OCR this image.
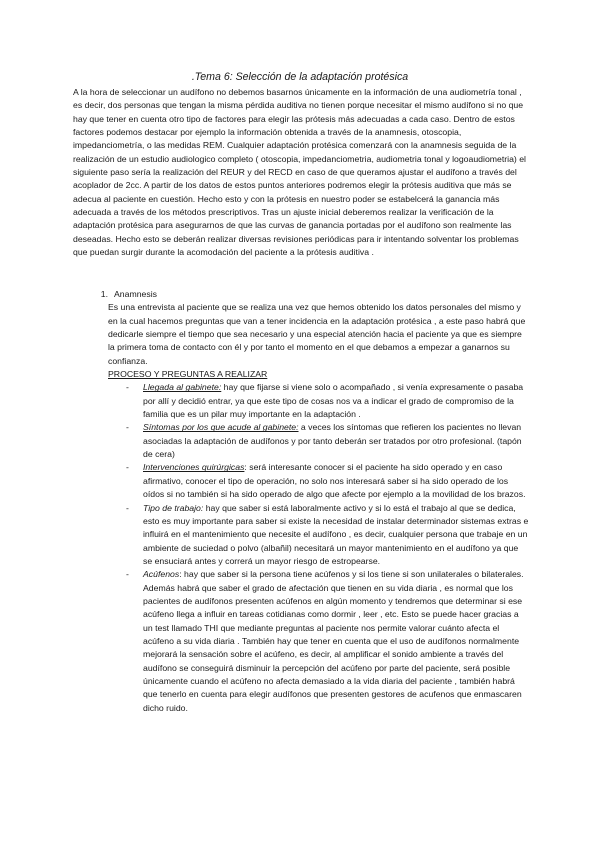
.Tema 6: Selección de la adaptación protésica

A la hora de seleccionar un audífono no debemos basarnos únicamente en la información de una audiometría tonal , es decir, dos personas que tengan la misma pérdida auditiva no tienen porque necesitar el mismo audífono si no que hay que tener en cuenta otro tipo de factores para elegir las prótesis más adecuadas a cada caso. Dentro de estos factores podemos destacar por ejemplo la información obtenida a través de la anamnesis, otoscopia, impedanciometría, o las medidas REM. Cualquier adaptación protésica comenzará con la anamnesis seguida de la realización de un estudio audiologico completo ( otoscopia, impedanciometria, audiometria tonal y logoaudiometria) el siguiente paso sería la realización del REUR y del RECD en caso de que queramos ajustar el audífono a través del acoplador de 2cc. A partir de los datos de estos puntos anteriores podremos elegir la prótesis auditiva que más se adecua al paciente en cuestión. Hecho esto y con la prótesis en nuestro poder se estabelcerá la ganancia más adecuada a través de los métodos prescriptivos. Tras un ajuste inicial deberemos realizar la verificación de la adaptación protésica para asegurarnos de que las curvas de ganancia portadas por el audífono son realmente las deseadas. Hecho esto se deberán realizar diversas revisiones periódicas para ir intentando solventar los problemas que puedan surgir durante la acomodación del paciente a la prótesis auditiva .

1. Anamnesis

Es una entrevista al paciente que se realiza una vez que hemos obtenido los datos personales del mismo y en la cual hacemos preguntas que van a tener incidencia en la adaptación protésica , a este paso habrá que dedicarle siempre el tiempo que sea necesario y una especial atención hacia el paciente ya que es siempre la primera toma de contacto con él y por tanto el momento en el que debamos a empezar a ganarnos su confianza.

PROCESO Y PREGUNTAS A REALIZAR

- Llegada al gabinete: hay que fijarse si viene solo o acompañado , si venía expresamente o pasaba por allí y decidió entrar, ya que este tipo de cosas nos va a indicar el grado de compromiso de la familia que es un pilar muy importante en la adaptación .
- Síntomas por los que acude al gabinete: a veces los síntomas que refieren los pacientes no llevan asociadas la adaptación de audífonos y por tanto deberán ser tratados por otro profesional. (tapón de cera)
- Intervenciones quirúrgicas: será interesante conocer si el paciente ha sido operado y en caso afirmativo, conocer el tipo de operación, no solo nos interesará saber si ha sido operado de los oídos si no también si ha sido operado de algo que afecte por ejemplo a la movilidad de los brazos.
- Tipo de trabajo: hay que saber si está laboralmente activo y si lo está el trabajo al que se dedica, esto es muy importante para saber si existe la necesidad de instalar determinador sistemas extras e influirá en el mantenimiento que necesite el audífono , es decir, cualquier persona que trabaje en un ambiente de suciedad o polvo (albañil) necesitará un mayor mantenimiento en el audífono ya que se ensuciará antes y correrá un mayor riesgo de estropearse.
- Acúfenos: hay que saber si la persona tiene acúfenos y si los tiene si son unilaterales o bilaterales. Además habrá que saber el grado de afectación que tienen en su vida diaria , es normal que los pacientes de audífonos presenten acúfenos en algún momento y tendremos que determinar si ese acúfeno llega a influir en tareas cotidianas como dormir , leer , etc. Esto se puede hacer gracias a un test llamado THI que mediante preguntas al paciente nos permite valorar cuánto afecta el acúfeno a su vida diaria . También hay que tener en cuenta que el uso de audífonos normalmente mejorará la sensación sobre el acúfeno, es decir, al amplificar el sonido ambiente a través del audífono se conseguirá disminuir la percepción del acúfeno por parte del paciente, será posible únicamente cuando el acúfeno no afecta demasiado a la vida diaria del paciente , también habrá que tenerlo en cuenta para elegir audífonos que presenten gestores de acufenos que enmascaren dicho ruido.
